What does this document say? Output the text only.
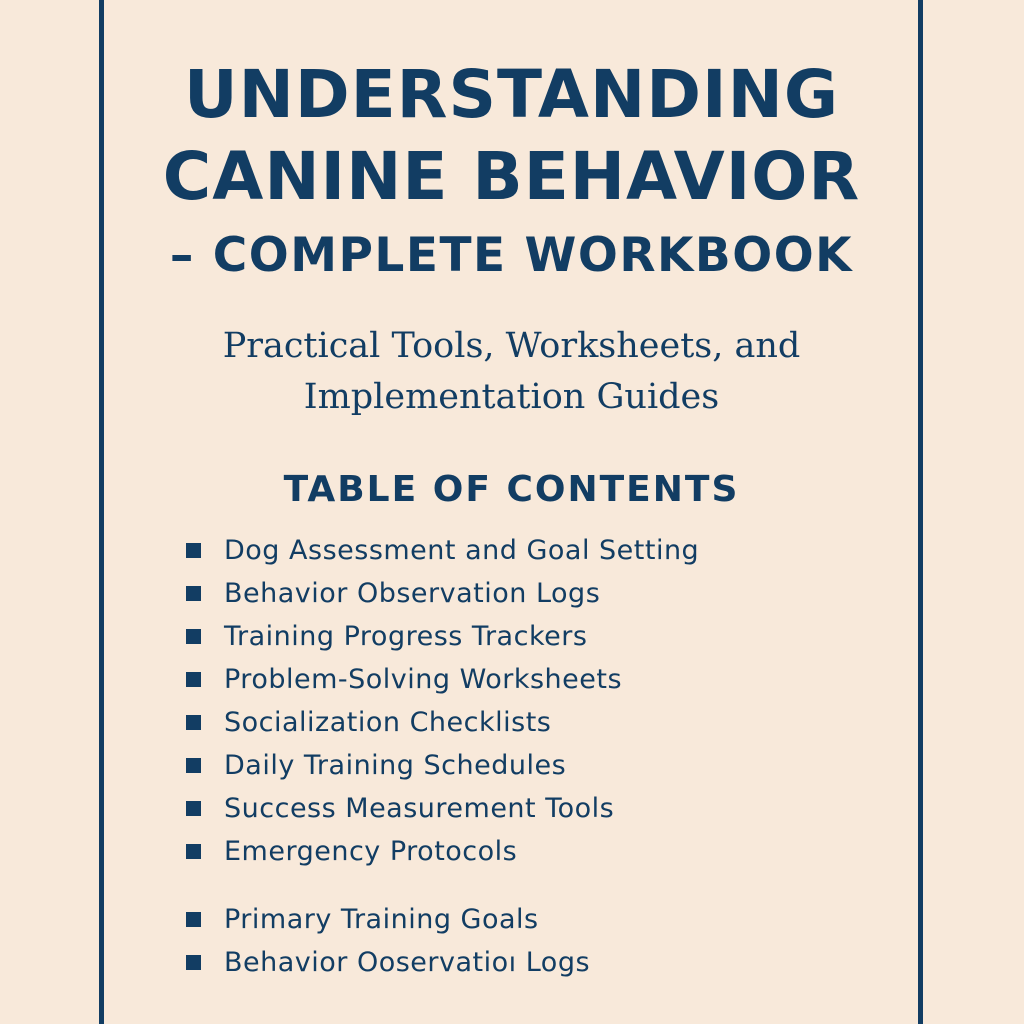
UNDERSTANDING
CANINE BEHAVIOR
– COMPLETE WORKBOOK
Practical Tools, Worksheets, and
Implementation Guides
TABLE OF CONTENTS
Dog Assessment and Goal Setting
Behavior Observation Logs
Training Progress Trackers
Problem-Solving Worksheets
Socialization Checklists
Daily Training Schedules
Success Measurement Tools
Emergency Protocols
Primary Training Goals
Behavior Ooservatioı Logs
